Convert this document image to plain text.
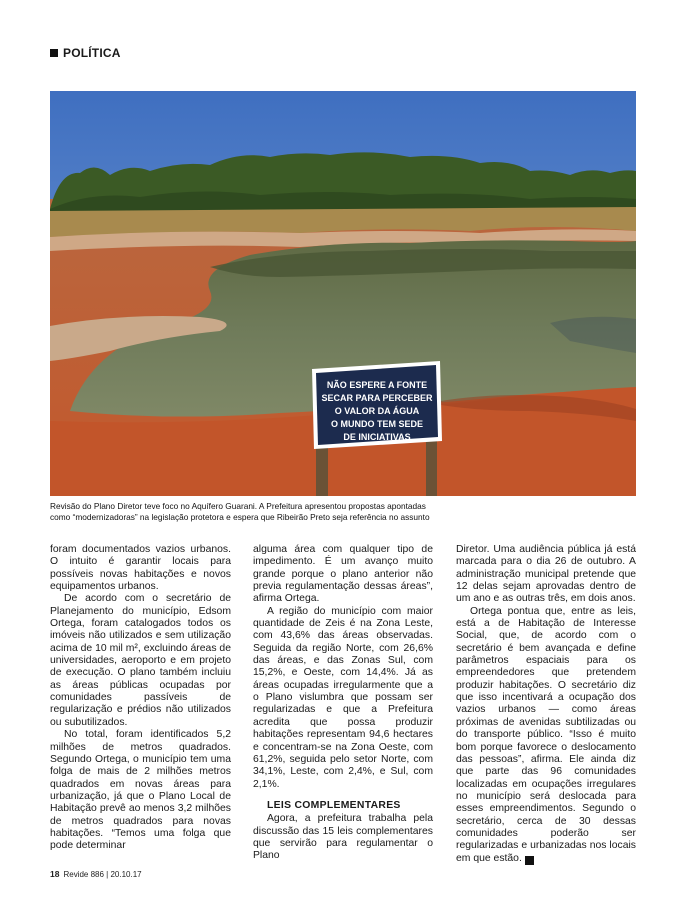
POLÍTICA
NÃO ESPERE A FONTE
SECAR PARA PERCEBER
O VALOR DA ÁGUA
O MUNDO TEM SEDE
DE INICIATIVAS
Revisão do Plano Diretor teve foco no Aquífero Guarani. A Prefeitura apresentou propostas apontadas
como “modernizadoras” na legislação protetora e espera que Ribeirão Preto seja referência no assunto

foram documentados vazios urbanos. O intuito é garantir locais para possíveis novas habitações e novos equipamentos urbanos.

De acordo com o secretário de Planejamento do município, Edsom Ortega, foram catalogados todos os imóveis não utilizados e sem utilização acima de 10 mil m², excluindo áreas de universidades, aeroporto e em projeto de execução. O plano também incluiu as áreas públicas ocupadas por comunidades passíveis de regularização e prédios não utilizados ou subutilizados.

No total, foram identificados 5,2 milhões de metros quadrados. Segundo Ortega, o município tem uma folga de mais de 2 milhões metros quadrados em novas áreas para urbanização, já que o Plano Local de Habitação prevê ao menos 3,2 milhões de metros quadrados para novas habitações. “Temos uma folga que pode determinar

alguma área com qualquer tipo de impedimento. É um avanço muito grande porque o plano anterior não previa regulamentação dessas áreas”, afirma Ortega.

A região do município com maior quantidade de Zeis é na Zona Leste, com 43,6% das áreas observadas. Seguida da região Norte, com 26,6% das áreas, e das Zonas Sul, com 15,2%, e Oeste, com 14,4%. Já as áreas ocupadas irregularmente que a o Plano vislumbra que possam ser regularizadas e que a Prefeitura acredita que possa produzir habitações representam 94,6 hectares e concentram-se na Zona Oeste, com 61,2%, seguida pelo setor Norte, com 34,1%, Leste, com 2,4%, e Sul, com 2,1%.

LEIS COMPLEMENTARES

Agora, a prefeitura trabalha pela discussão das 15 leis complementares que servirão para regulamentar o Plano

Diretor. Uma audiência pública já está marcada para o dia 26 de outubro. A administração municipal pretende que 12 delas sejam aprovadas dentro de um ano e as outras três, em dois anos.

Ortega pontua que, entre as leis, está a de Habitação de Interesse Social, que, de acordo com o secretário é bem avançada e define parâmetros espaciais para os empreendedores que pretendem produzir habitações. O secretário diz que isso incentivará a ocupação dos vazios urbanos — como áreas próximas de avenidas subtilizadas ou do transporte público. “Isso é muito bom porque favorece o deslocamento das pessoas”, afirma. Ele ainda diz que parte das 96 comunidades localizadas em ocupações irregulares no município será deslocada para esses empreendimentos. Segundo o secretário, cerca de 30 dessas comunidades poderão ser regularizadas e urbanizadas nos locais em que estão. r

18 Revide 886 | 20.10.17
